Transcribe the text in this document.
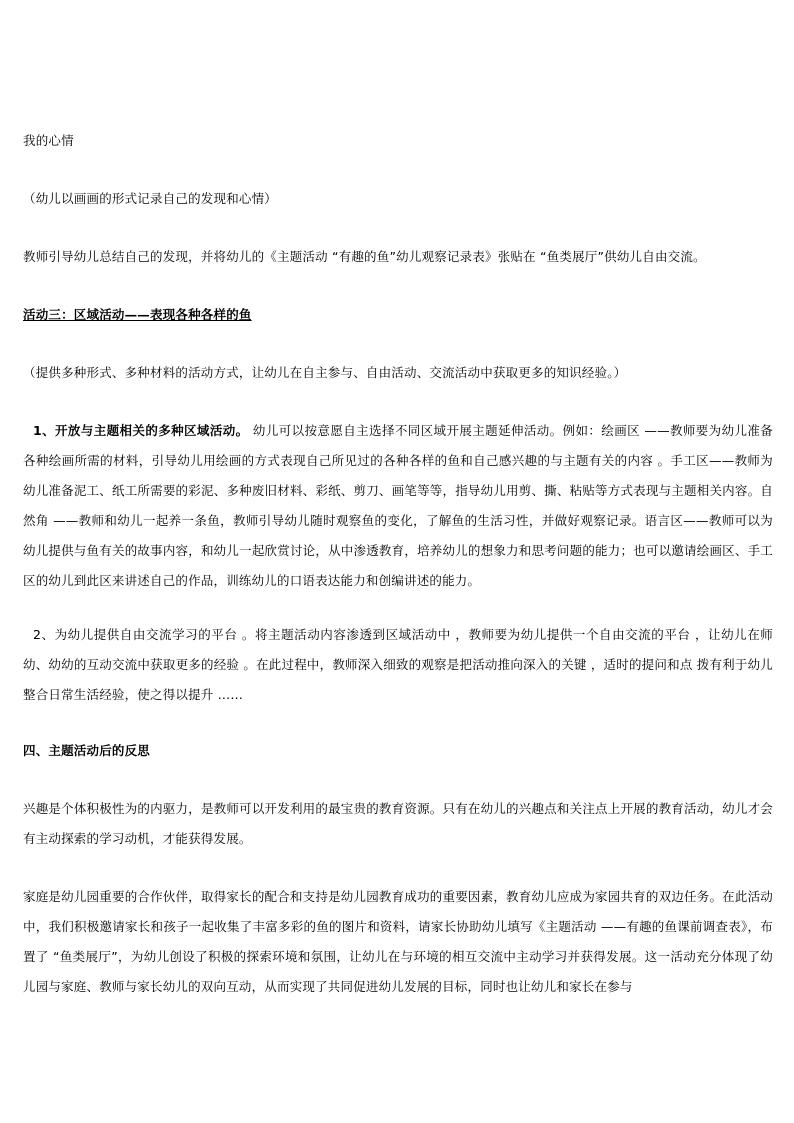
我的心情

（幼儿以画画的形式记录自己的发现和心情）

教师引导幼儿总结自己的发现，并将幼儿的《主题活动 “有趣的鱼”幼儿观察记录表》张贴在 “鱼类展厅”供幼儿自由交流。

活动三：区域活动——表现各种各样的鱼

（提供多种形式、多种材料的活动方式，让幼儿在自主参与、自由活动、交流活动中获取更多的知识经验。）

1、开放与主题相关的多种区域活动。 幼儿可以按意愿自主选择不同区域开展主题延伸活动。例如：绘画区 ——教师要为幼儿准备各种绘画所需的材料，引导幼儿用绘画的方式表现自己所见过的各种各样的鱼和自己感兴趣的与主题有关的内容 。手工区——教师为幼儿准备泥工、纸工所需要的彩泥、多种废旧材料、彩纸、剪刀、画笔等等，指导幼儿用剪、撕、粘贴等方式表现与主题相关内容。自然角 ——教师和幼儿一起养一条鱼，教师引导幼儿随时观察鱼的变化，了解鱼的生活习性，并做好观察记录。语言区——教师可以为幼儿提供与鱼有关的故事内容，和幼儿一起欣赏讨论，从中渗透教育，培养幼儿的想象力和思考问题的能力；也可以邀请绘画区、手工区的幼儿到此区来讲述自己的作品，训练幼儿的口语表达能力和创编讲述的能力。

2、为幼儿提供自由交流学习的平台 。将主题活动内容渗透到区域活动中 ，教师要为幼儿提供一个自由交流的平台 ，让幼儿在师幼、幼幼的互动交流中获取更多的经验 。在此过程中，教师深入细致的观察是把活动推向深入的关键 ，适时的提问和点 拨有利于幼儿整合日常生活经验，使之得以提升 ……

四、主题活动后的反思

兴趣是个体积极性为的内驱力，是教师可以开发利用的最宝贵的教育资源。只有在幼儿的兴趣点和关注点上开展的教育活动，幼儿才会有主动探索的学习动机，才能获得发展。

家庭是幼儿园重要的合作伙伴，取得家长的配合和支持是幼儿园教育成功的重要因素，教育幼儿应成为家园共育的双边任务。在此活动中，我们积极邀请家长和孩子一起收集了丰富多彩的鱼的图片和资料，请家长协助幼儿填写《主题活动 ——有趣的鱼课前调查表》，布置了 “鱼类展厅”，为幼儿创设了积极的探索环境和氛围，让幼儿在与环境的相互交流中主动学习并获得发展。这一活动充分体现了幼儿园与家庭、教师与家长幼儿的双向互动，从而实现了共同促进幼儿发展的目标，同时也让幼儿和家长在参与
